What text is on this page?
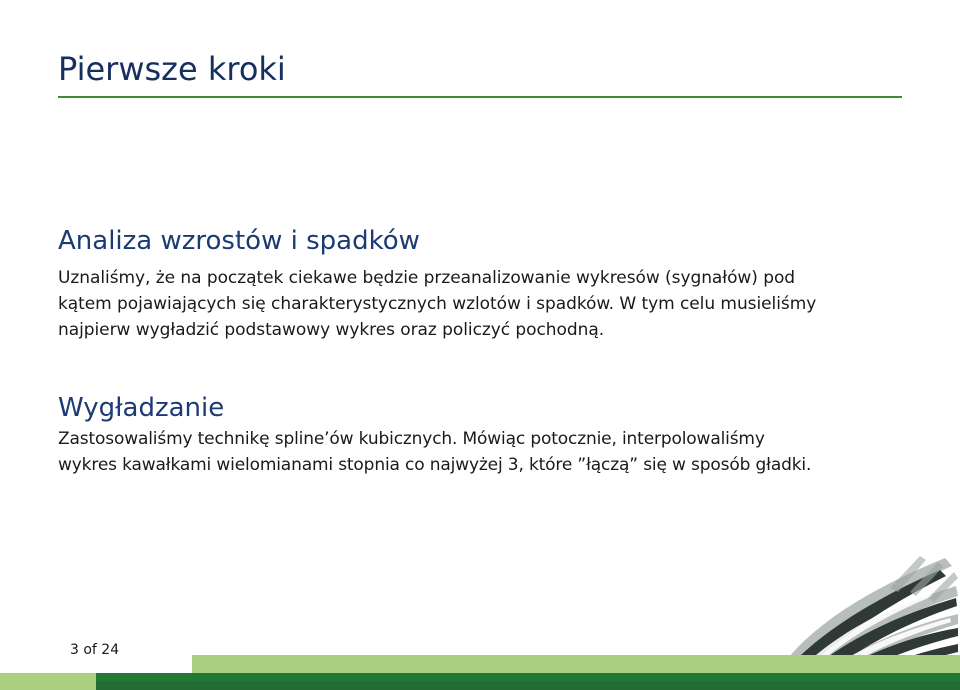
Pierwsze kroki
Analiza wzrostów i spadków

Uznaliśmy, że na początek ciekawe będzie przeanalizowanie wykresów (sygnałów) pod
kątem pojawiających się charakterystycznych wzlotów i spadków. W tym celu musieliśmy
najpierw wygładzić podstawowy wykres oraz policzyć pochodną.

Wygładzanie

Zastosowaliśmy technikę spline’ów kubicznych. Mówiąc potocznie, interpolowaliśmy
wykres kawałkami wielomianami stopnia co najwyżej 3, które ”łączą” się w sposób gładki.

3 of 24
